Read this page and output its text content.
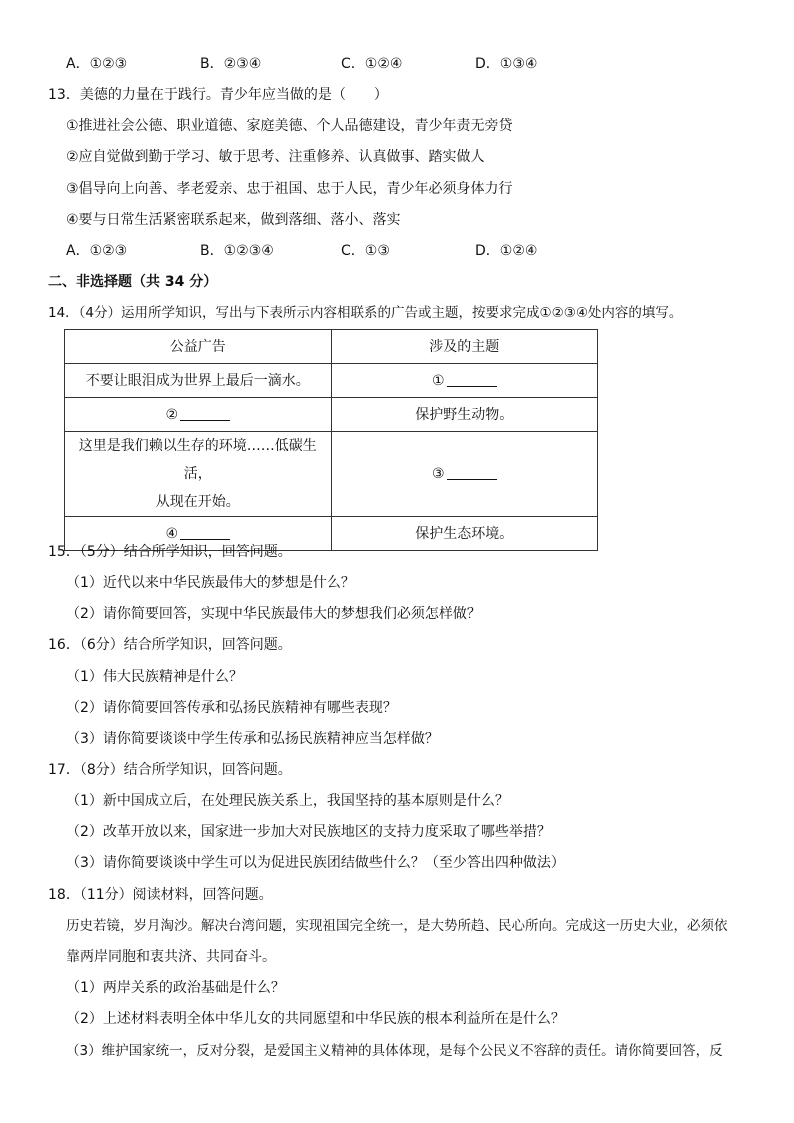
A．①②③	B．②③④	C．①②④	D．①③④
13．美德的力量在于践行。青少年应当做的是（　　）
①推进社会公德、职业道德、家庭美德、个人品德建设，青少年责无旁贷
②应自觉做到勤于学习、敏于思考、注重修养、认真做事、踏实做人
③倡导向上向善、孝老爱亲、忠于祖国、忠于人民，青少年必须身体力行
④要与日常生活紧密联系起来，做到落细、落小、落实
A．①②③	B．①②③④	C．①③	D．①②④
二、非选择题（共 34 分）
14．（4分）运用所学知识，写出与下表所示内容相联系的广告或主题，按要求完成①②③④处内容的填写。
公益广告	涉及的主题
不要让眼泪成为世界上最后一滴水。	①
②	保护野生动物。

这里是我们赖以生存的环境……低碳生活，
从现在开始。	③
④	保护生态环境。
15．（5分）结合所学知识，回答问题。
（1）近代以来中华民族最伟大的梦想是什么？
（2）请你简要回答，实现中华民族最伟大的梦想我们必须怎样做？
16．（6分）结合所学知识，回答问题。
（1）伟大民族精神是什么？
（2）请你简要回答传承和弘扬民族精神有哪些表现？
（3）请你简要谈谈中学生传承和弘扬民族精神应当怎样做？
17．（8分）结合所学知识，回答问题。
（1）新中国成立后，在处理民族关系上，我国坚持的基本原则是什么？
（2）改革开放以来，国家进一步加大对民族地区的支持力度采取了哪些举措？
（3）请你简要谈谈中学生可以为促进民族团结做些什么？（至少答出四种做法）
18．（11分）阅读材料，回答问题。
历史若镜，岁月淘沙。解决台湾问题，实现祖国完全统一，是大势所趋、民心所向。完成这一历史大业，必须依
靠两岸同胞和衷共济、共同奋斗。
（1）两岸关系的政治基础是什么？
（2）上述材料表明全体中华儿女的共同愿望和中华民族的根本利益所在是什么？
（3）维护国家统一，反对分裂，是爱国主义精神的具体体现，是每个公民义不容辞的责任。请你简要回答，反
